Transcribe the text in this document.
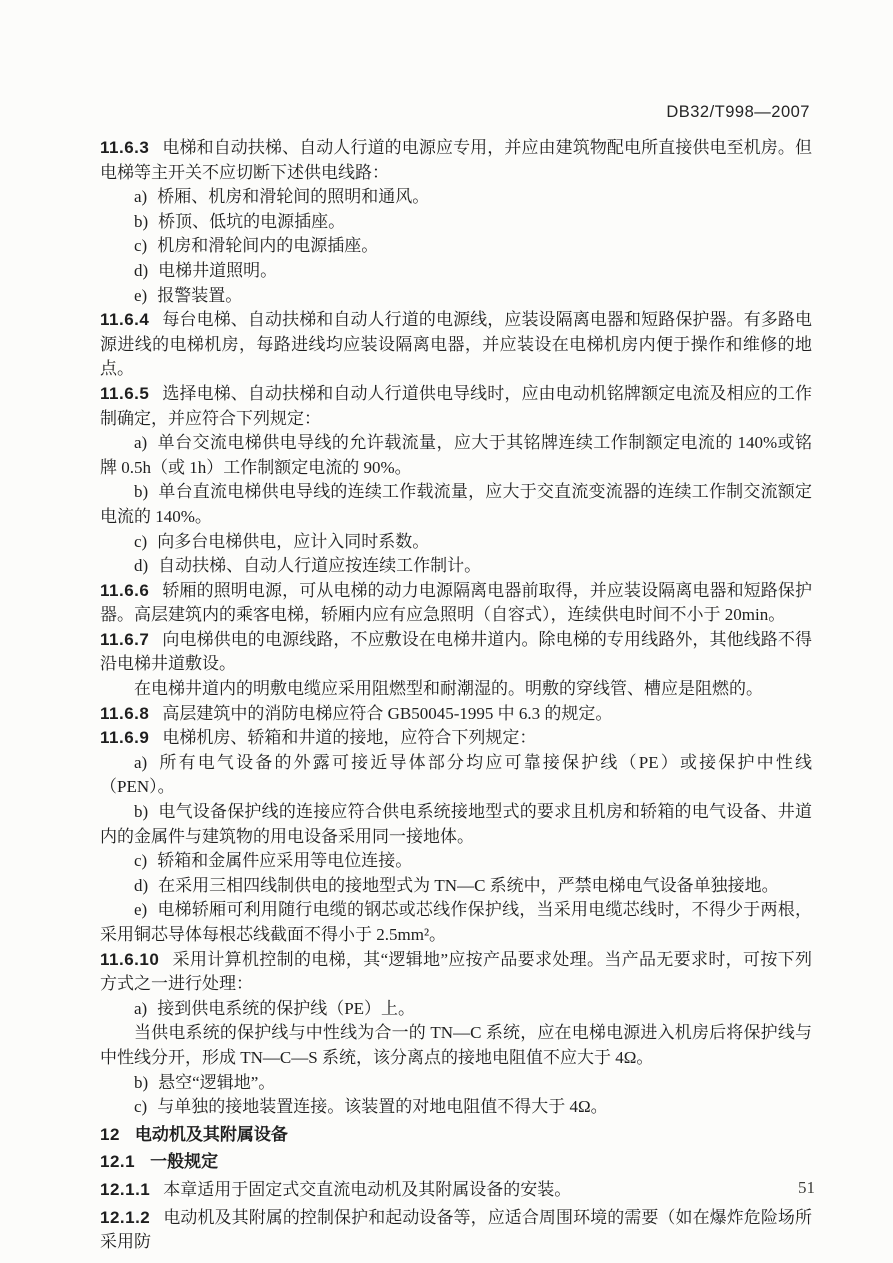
DB32/T998—2007

11.6.3 电梯和自动扶梯、自动人行道的电源应专用，并应由建筑物配电所直接供电至机房。但电梯等主开关不应切断下述供电线路：

a) 桥厢、机房和滑轮间的照明和通风。

b) 桥顶、低坑的电源插座。

c) 机房和滑轮间内的电源插座。

d) 电梯井道照明。

e) 报警装置。

11.6.4 每台电梯、自动扶梯和自动人行道的电源线，应装设隔离电器和短路保护器。有多路电源进线的电梯机房，每路进线均应装设隔离电器，并应装设在电梯机房内便于操作和维修的地点。

11.6.5 选择电梯、自动扶梯和自动人行道供电导线时，应由电动机铭牌额定电流及相应的工作制确定，并应符合下列规定：

a) 单台交流电梯供电导线的允许载流量，应大于其铭牌连续工作制额定电流的 140%或铭牌 0.5h（或 1h）工作制额定电流的 90%。

b) 单台直流电梯供电导线的连续工作载流量，应大于交直流变流器的连续工作制交流额定电流的 140%。

c) 向多台电梯供电，应计入同时系数。

d) 自动扶梯、自动人行道应按连续工作制计。

11.6.6 轿厢的照明电源，可从电梯的动力电源隔离电器前取得，并应装设隔离电器和短路保护器。高层建筑内的乘客电梯，轿厢内应有应急照明（自容式），连续供电时间不小于 20min。

11.6.7 向电梯供电的电源线路，不应敷设在电梯井道内。除电梯的专用线路外，其他线路不得沿电梯井道敷设。

在电梯井道内的明敷电缆应采用阻燃型和耐潮湿的。明敷的穿线管、槽应是阻燃的。

11.6.8 高层建筑中的消防电梯应符合 GB50045-1995 中 6.3 的规定。

11.6.9 电梯机房、轿箱和井道的接地，应符合下列规定：

a) 所有电气设备的外露可接近导体部分均应可靠接保护线（PE）或接保护中性线（PEN）。

b) 电气设备保护线的连接应符合供电系统接地型式的要求且机房和轿箱的电气设备、井道内的金属件与建筑物的用电设备采用同一接地体。

c) 轿箱和金属件应采用等电位连接。

d) 在采用三相四线制供电的接地型式为 TN—C 系统中，严禁电梯电气设备单独接地。

e) 电梯轿厢可利用随行电缆的钢芯或芯线作保护线，当采用电缆芯线时，不得少于两根，采用铜芯导体每根芯线截面不得小于 2.5mm²。

11.6.10 采用计算机控制的电梯，其“逻辑地”应按产品要求处理。当产品无要求时，可按下列方式之一进行处理：

a) 接到供电系统的保护线（PE）上。

当供电系统的保护线与中性线为合一的 TN—C 系统，应在电梯电源进入机房后将保护线与中性线分开，形成 TN—C—S 系统，该分离点的接地电阻值不应大于 4Ω。

b) 悬空“逻辑地”。

c) 与单独的接地装置连接。该装置的对地电阻值不得大于 4Ω。

12 电动机及其附属设备

12.1 一般规定

12.1.1 本章适用于固定式交直流电动机及其附属设备的安装。

12.1.2 电动机及其附属的控制保护和起动设备等，应适合周围环境的需要（如在爆炸危险场所采用防

51
